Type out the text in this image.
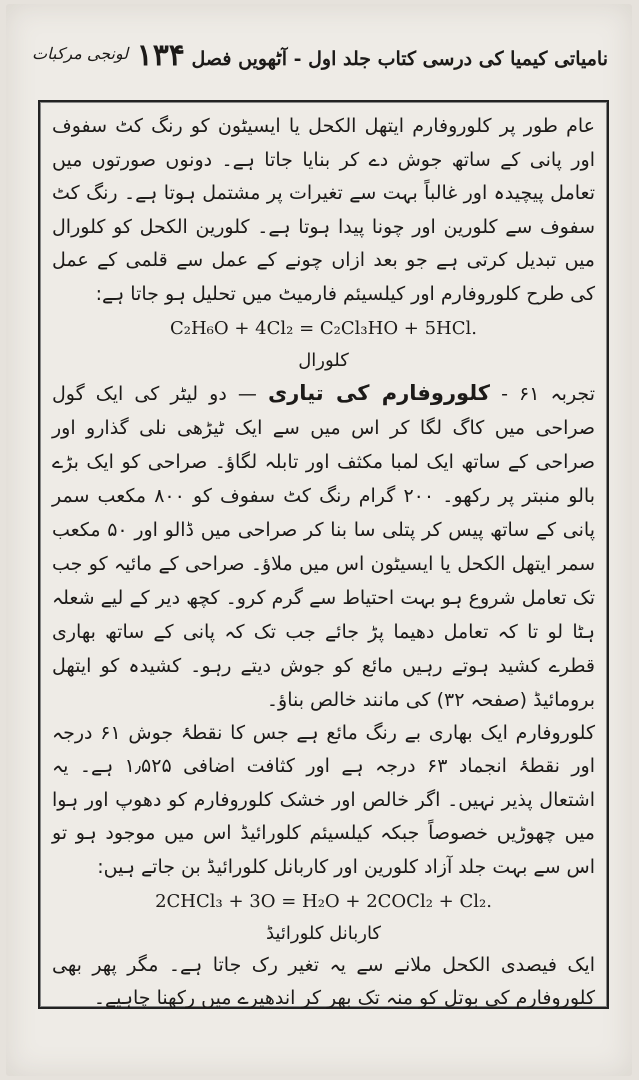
نامیاتی کیمیا کی درسی کتاب جلد اول - آٹھویں فصل ۱۳۴
لونجی مرکبات

عام طور پر کلوروفارم ایتھل الکحل یا ایسیٹون کو رنگ کٹ سفوف اور پانی کے ساتھ جوش دے کر بنایا جاتا ہے۔ دونوں صورتوں میں تعامل پیچیدہ اور غالباً بہت سے تغیرات پر مشتمل ہوتا ہے۔ رنگ کٹ سفوف سے کلورین اور چونا پیدا ہوتا ہے۔ کلورین الکحل کو کلورال میں تبدیل کرتی ہے جو بعد ازاں چونے کے عمل سے قلمی کے عمل کی طرح کلوروفارم اور کیلسیئم فارمیٹ میں تحلیل ہو جاتا ہے:

C₂H₆O + 4Cl₂ = C₂Cl₃HO + 5HCl.
کلورال

تجربہ ۶۱ - کلوروفارم کی تیاری — دو لیٹر کی ایک گول صراحی میں کاگ لگا کر اس میں سے ایک ٹیڑھی نلی گذارو اور صراحی کے ساتھ ایک لمبا مکثف اور تابلہ لگاؤ۔ صراحی کو ایک بڑے بالو منبتر پر رکھو۔ ۲۰۰ گرام رنگ کٹ سفوف کو ۸۰۰ مکعب سمر پانی کے ساتھ پیس کر پتلی سا بنا کر صراحی میں ڈالو اور ۵۰ مکعب سمر ایتھل الکحل یا ایسیٹون اس میں ملاؤ۔ صراحی کے مائیہ کو جب تک تعامل شروع ہو بہت احتیاط سے گرم کرو۔ کچھ دیر کے لیے شعلہ ہٹا لو تا کہ تعامل دھیما پڑ جائے جب تک کہ پانی کے ساتھ بھاری قطرے کشید ہوتے رہیں مائع کو جوش دیتے رہو۔ کشیدہ کو ایتھل برومائیڈ (صفحہ ۳۲) کی مانند خالص بناؤ۔

کلوروفارم ایک بھاری بے رنگ مائع ہے جس کا نقطۂ جوش ۶۱ درجہ اور نقطۂ انجماد ۶۳ درجہ ہے اور کثافت اضافی ۱٫۵۲۵ ہے۔ یہ اشتعال پذیر نہیں۔ اگر خالص اور خشک کلوروفارم کو دھوپ اور ہوا میں چھوڑیں خصوصاً جبکہ کیلسیئم کلورائیڈ اس میں موجود ہو تو اس سے بہت جلد آزاد کلورین اور کاربانل کلورائیڈ بن جاتے ہیں:

2CHCl₃ + 3O = H₂O + 2COCl₂ + Cl₂.
کاربانل کلورائیڈ

ایک فیصدی الکحل ملانے سے یہ تغیر رک جاتا ہے۔ مگر پھر بھی کلوروفارم کی بوتل کو منہ تک بھر کر اندھیرے میں رکھنا چاہیے۔
